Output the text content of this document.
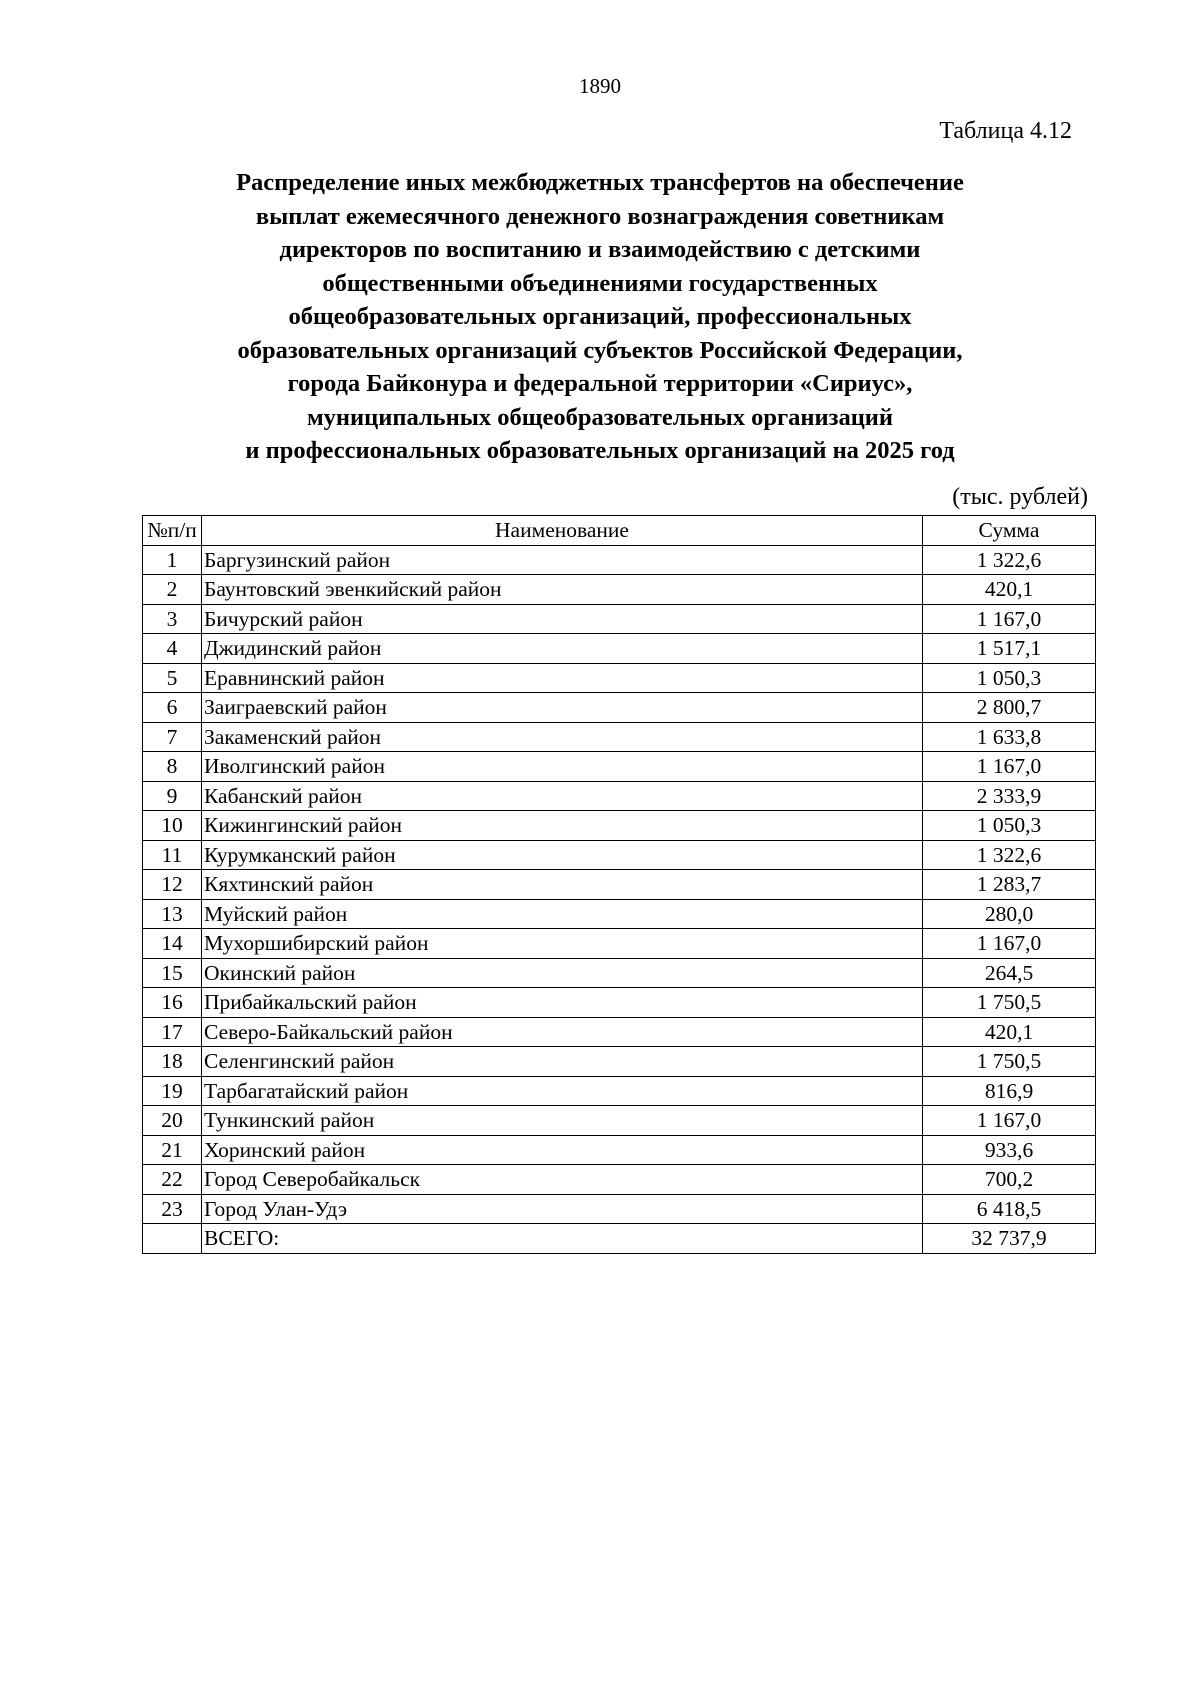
1890
Таблица 4.12
Распределение иных межбюджетных трансфертов на обеспечение
выплат ежемесячного денежного вознаграждения советникам
директоров по воспитанию и взаимодействию с детскими
общественными объединениями государственных
общеобразовательных организаций, профессиональных
образовательных организаций субъектов Российской Федерации,
города Байконура и федеральной территории «Сириус»,
муниципальных общеобразовательных организаций
и профессиональных образовательных организаций на 2025 год
(тыс. рублей)
№п/п	Наименование	Сумма
1	Баргузинский район	1 322,6
2	Баунтовский эвенкийский район	420,1
3	Бичурский район	1 167,0
4	Джидинский район	1 517,1
5	Еравнинский район	1 050,3
6	Заиграевский район	2 800,7
7	Закаменский район	1 633,8
8	Иволгинский район	1 167,0
9	Кабанский район	2 333,9
10	Кижингинский район	1 050,3
11	Курумканский район	1 322,6
12	Кяхтинский район	1 283,7
13	Муйский район	280,0
14	Мухоршибирский район	1 167,0
15	Окинский район	264,5
16	Прибайкальский район	1 750,5
17	Северо-Байкальский район	420,1
18	Селенгинский район	1 750,5
19	Тарбагатайский район	816,9
20	Тункинский район	1 167,0
21	Хоринский район	933,6
22	Город Северобайкальск	700,2
23	Город Улан-Удэ	6 418,5
	ВСЕГО:	32 737,9
